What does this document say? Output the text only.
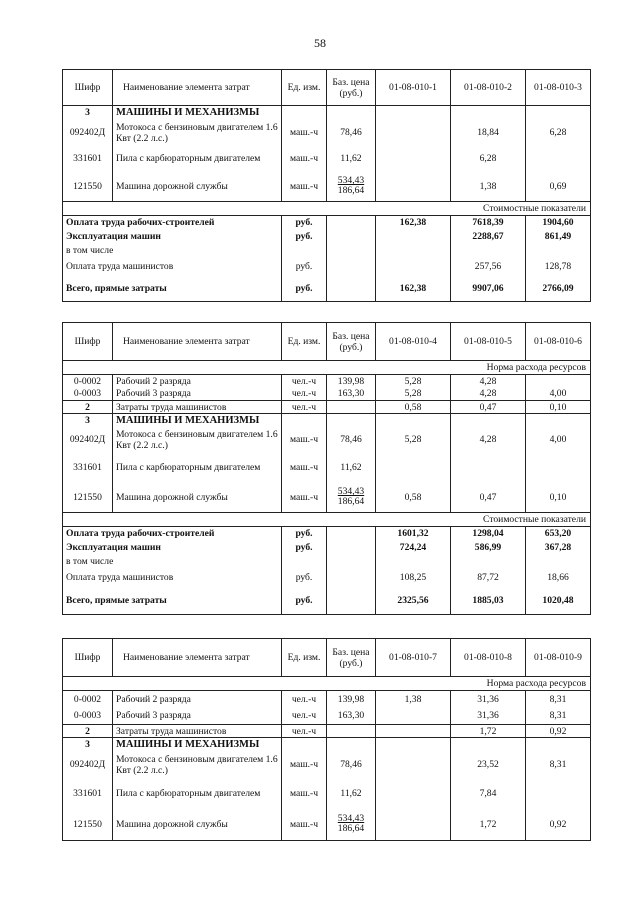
58
Шифр	Наименование элемента затрат	Ед. изм.	Баз. цена (руб.)	01-08-010-1	01-08-010-2	01-08-010-3
3	МАШИНЫ И МЕХАНИЗМЫ					
092402Д	Мотокоса с бензиновым двигателем 1.6 Квт (2.2 л.с.)	маш.-ч	78,46		18,84	6,28
331601	Пила с карбюраторным двигателем	маш.-ч	11,62		6,28	
121550	Машина дорожной службы	маш.-ч	$\frac{534,43}{186,64}$		1,38	0,69
Стоимостные показатели						
Оплата труда рабочих-строителей		руб.		162,38	7618,39	1904,60
Эксплуатация машин		руб.			2288,67	861,49
в том числе						
Оплата труда машинистов		руб.			257,56	128,78
Всего, прямые затраты		руб.		162,38	9907,06	2766,09
Шифр	Наименование элемента затрат	Ед. изм.	Баз. цена (руб.)	01-08-010-4	01-08-010-5	01-08-010-6
Норма расхода ресурсов						
0-0002	Рабочий 2 разряда	чел.-ч	139,98	5,28	4,28	
0-0003	Рабочий 3 разряда	чел.-ч	163,30	5,28	4,28	4,00
2	Затраты труда машинистов	чел.-ч		0,58	0,47	0,10
3	МАШИНЫ И МЕХАНИЗМЫ					
092402Д	Мотокоса с бензиновым двигателем 1.6 Квт (2.2 л.с.)	маш.-ч	78,46	5,28	4,28	4,00
331601	Пила с карбюраторным двигателем	маш.-ч	11,62			
121550	Машина дорожной службы	маш.-ч	$\frac{534,43}{186,64}$	0,58	0,47	0,10
Стоимостные показатели						
Оплата труда рабочих-строителей		руб.		1601,32	1298,04	653,20
Эксплуатация машин		руб.		724,24	586,99	367,28
в том числе						
Оплата труда машинистов		руб.		108,25	87,72	18,66
Всего, прямые затраты		руб.		2325,56	1885,03	1020,48
Шифр	Наименование элемента затрат	Ед. изм.	Баз. цена (руб.)	01-08-010-7	01-08-010-8	01-08-010-9
Норма расхода ресурсов						
0-0002	Рабочий 2 разряда	чел.-ч	139,98	1,38	31,36	8,31
0-0003	Рабочий 3 разряда	чел.-ч	163,30		31,36	8,31
2	Затраты труда машинистов	чел.-ч			1,72	0,92
3	МАШИНЫ И МЕХАНИЗМЫ					
092402Д	Мотокоса с бензиновым двигателем 1.6 Квт (2.2 л.с.)	маш.-ч	78,46		23,52	8,31
331601	Пила с карбюраторным двигателем	маш.-ч	11,62		7,84	
121550	Машина дорожной службы	маш.-ч	$\frac{534,43}{186,64}$		1,72	0,92
